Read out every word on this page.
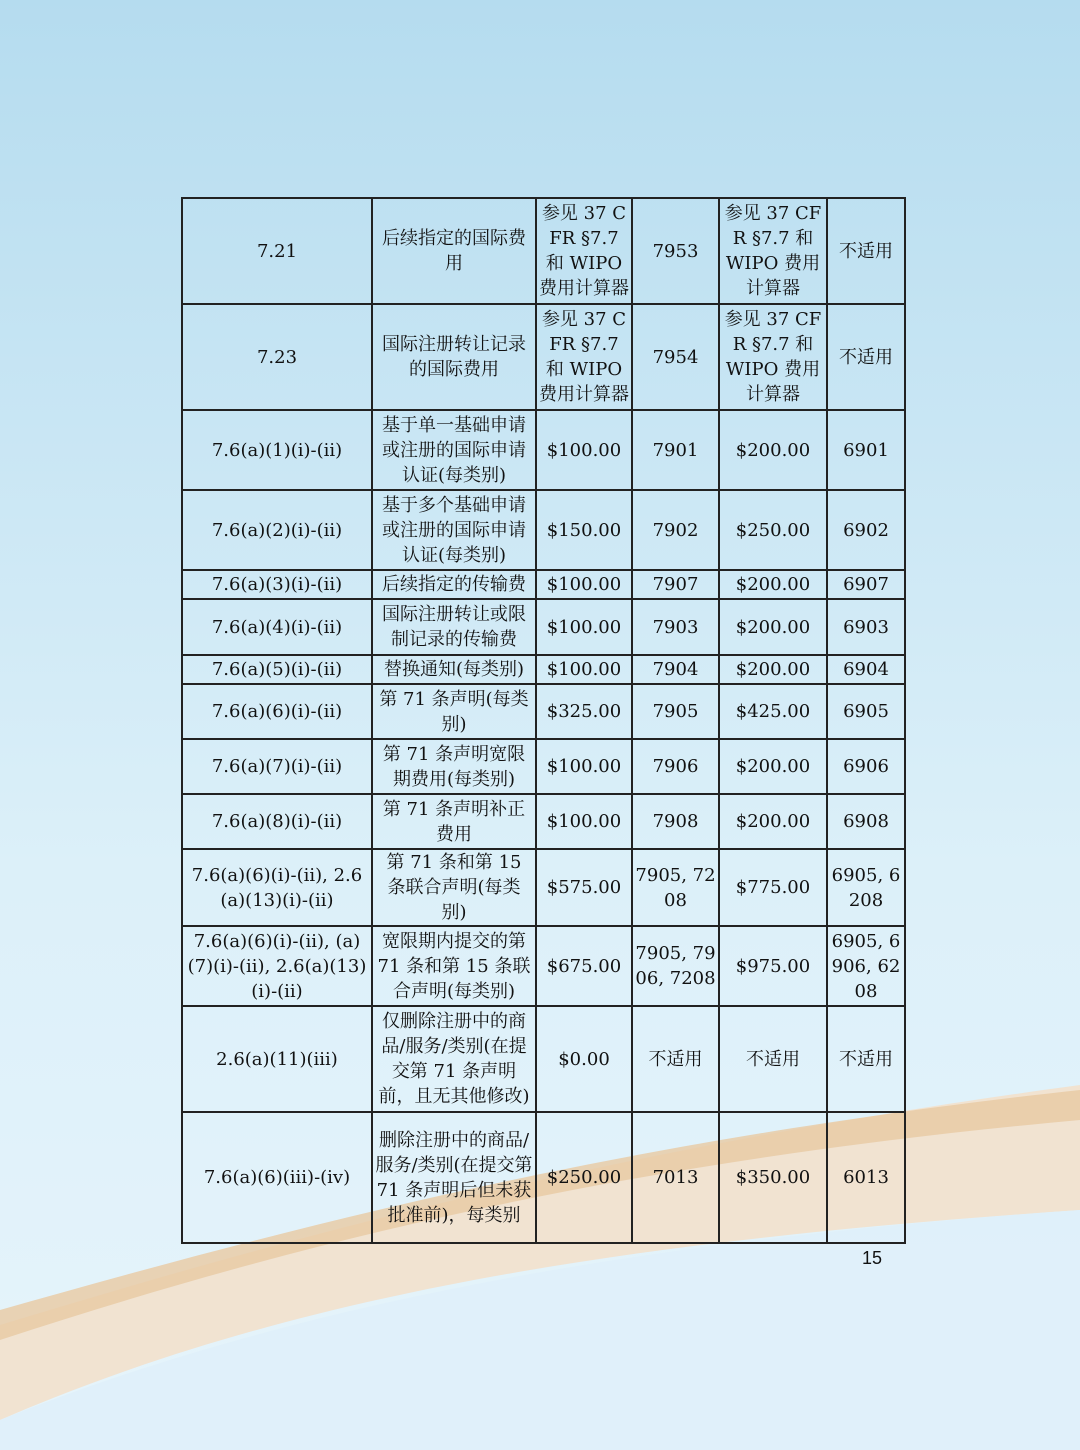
7.21	后续指定的国际费用	参见 37 CFR §7.7 和 WIPO 费用计算器	7953	参见 37 CFR §7.7 和 WIPO 费用计算器	不适用
7.23	国际注册转让记录的国际费用	参见 37 CFR §7.7 和 WIPO 费用计算器	7954	参见 37 CFR §7.7 和 WIPO 费用计算器	不适用
7.6(a)(1)(i)-(ii)	基于单一基础申请或注册的国际申请认证(每类别)	$100.00	7901	$200.00	6901
7.6(a)(2)(i)-(ii)	基于多个基础申请或注册的国际申请认证(每类别)	$150.00	7902	$250.00	6902
7.6(a)(3)(i)-(ii)	后续指定的传输费	$100.00	7907	$200.00	6907
7.6(a)(4)(i)-(ii)	国际注册转让或限制记录的传输费	$100.00	7903	$200.00	6903
7.6(a)(5)(i)-(ii)	替换通知(每类别)	$100.00	7904	$200.00	6904
7.6(a)(6)(i)-(ii)	第 71 条声明(每类别)	$325.00	7905	$425.00	6905
7.6(a)(7)(i)-(ii)	第 71 条声明宽限期费用(每类别)	$100.00	7906	$200.00	6906
7.6(a)(8)(i)-(ii)	第 71 条声明补正费用	$100.00	7908	$200.00	6908
7.6(a)(6)(i)-(ii), 2.6(a)(13)(i)-(ii)	第 71 条和第 15 条联合声明(每类别)	$575.00	7905, 7208	$775.00	6905, 6208
7.6(a)(6)(i)-(ii), (a)(7)(i)-(ii), 2.6(a)(13)(i)-(ii)	宽限期内提交的第 71 条和第 15 条联合声明(每类别)	$675.00	7905, 7906, 7208	$975.00	6905, 6906, 6208
2.6(a)(11)(iii)	仅删除注册中的商品/服务/类别(在提交第 71 条声明前，且无其他修改)	$0.00	不适用	不适用	不适用
7.6(a)(6)(iii)-(iv)	删除注册中的商品/服务/类别(在提交第 71 条声明后但未获批准前)，每类别	$250.00	7013	$350.00	6013
15
